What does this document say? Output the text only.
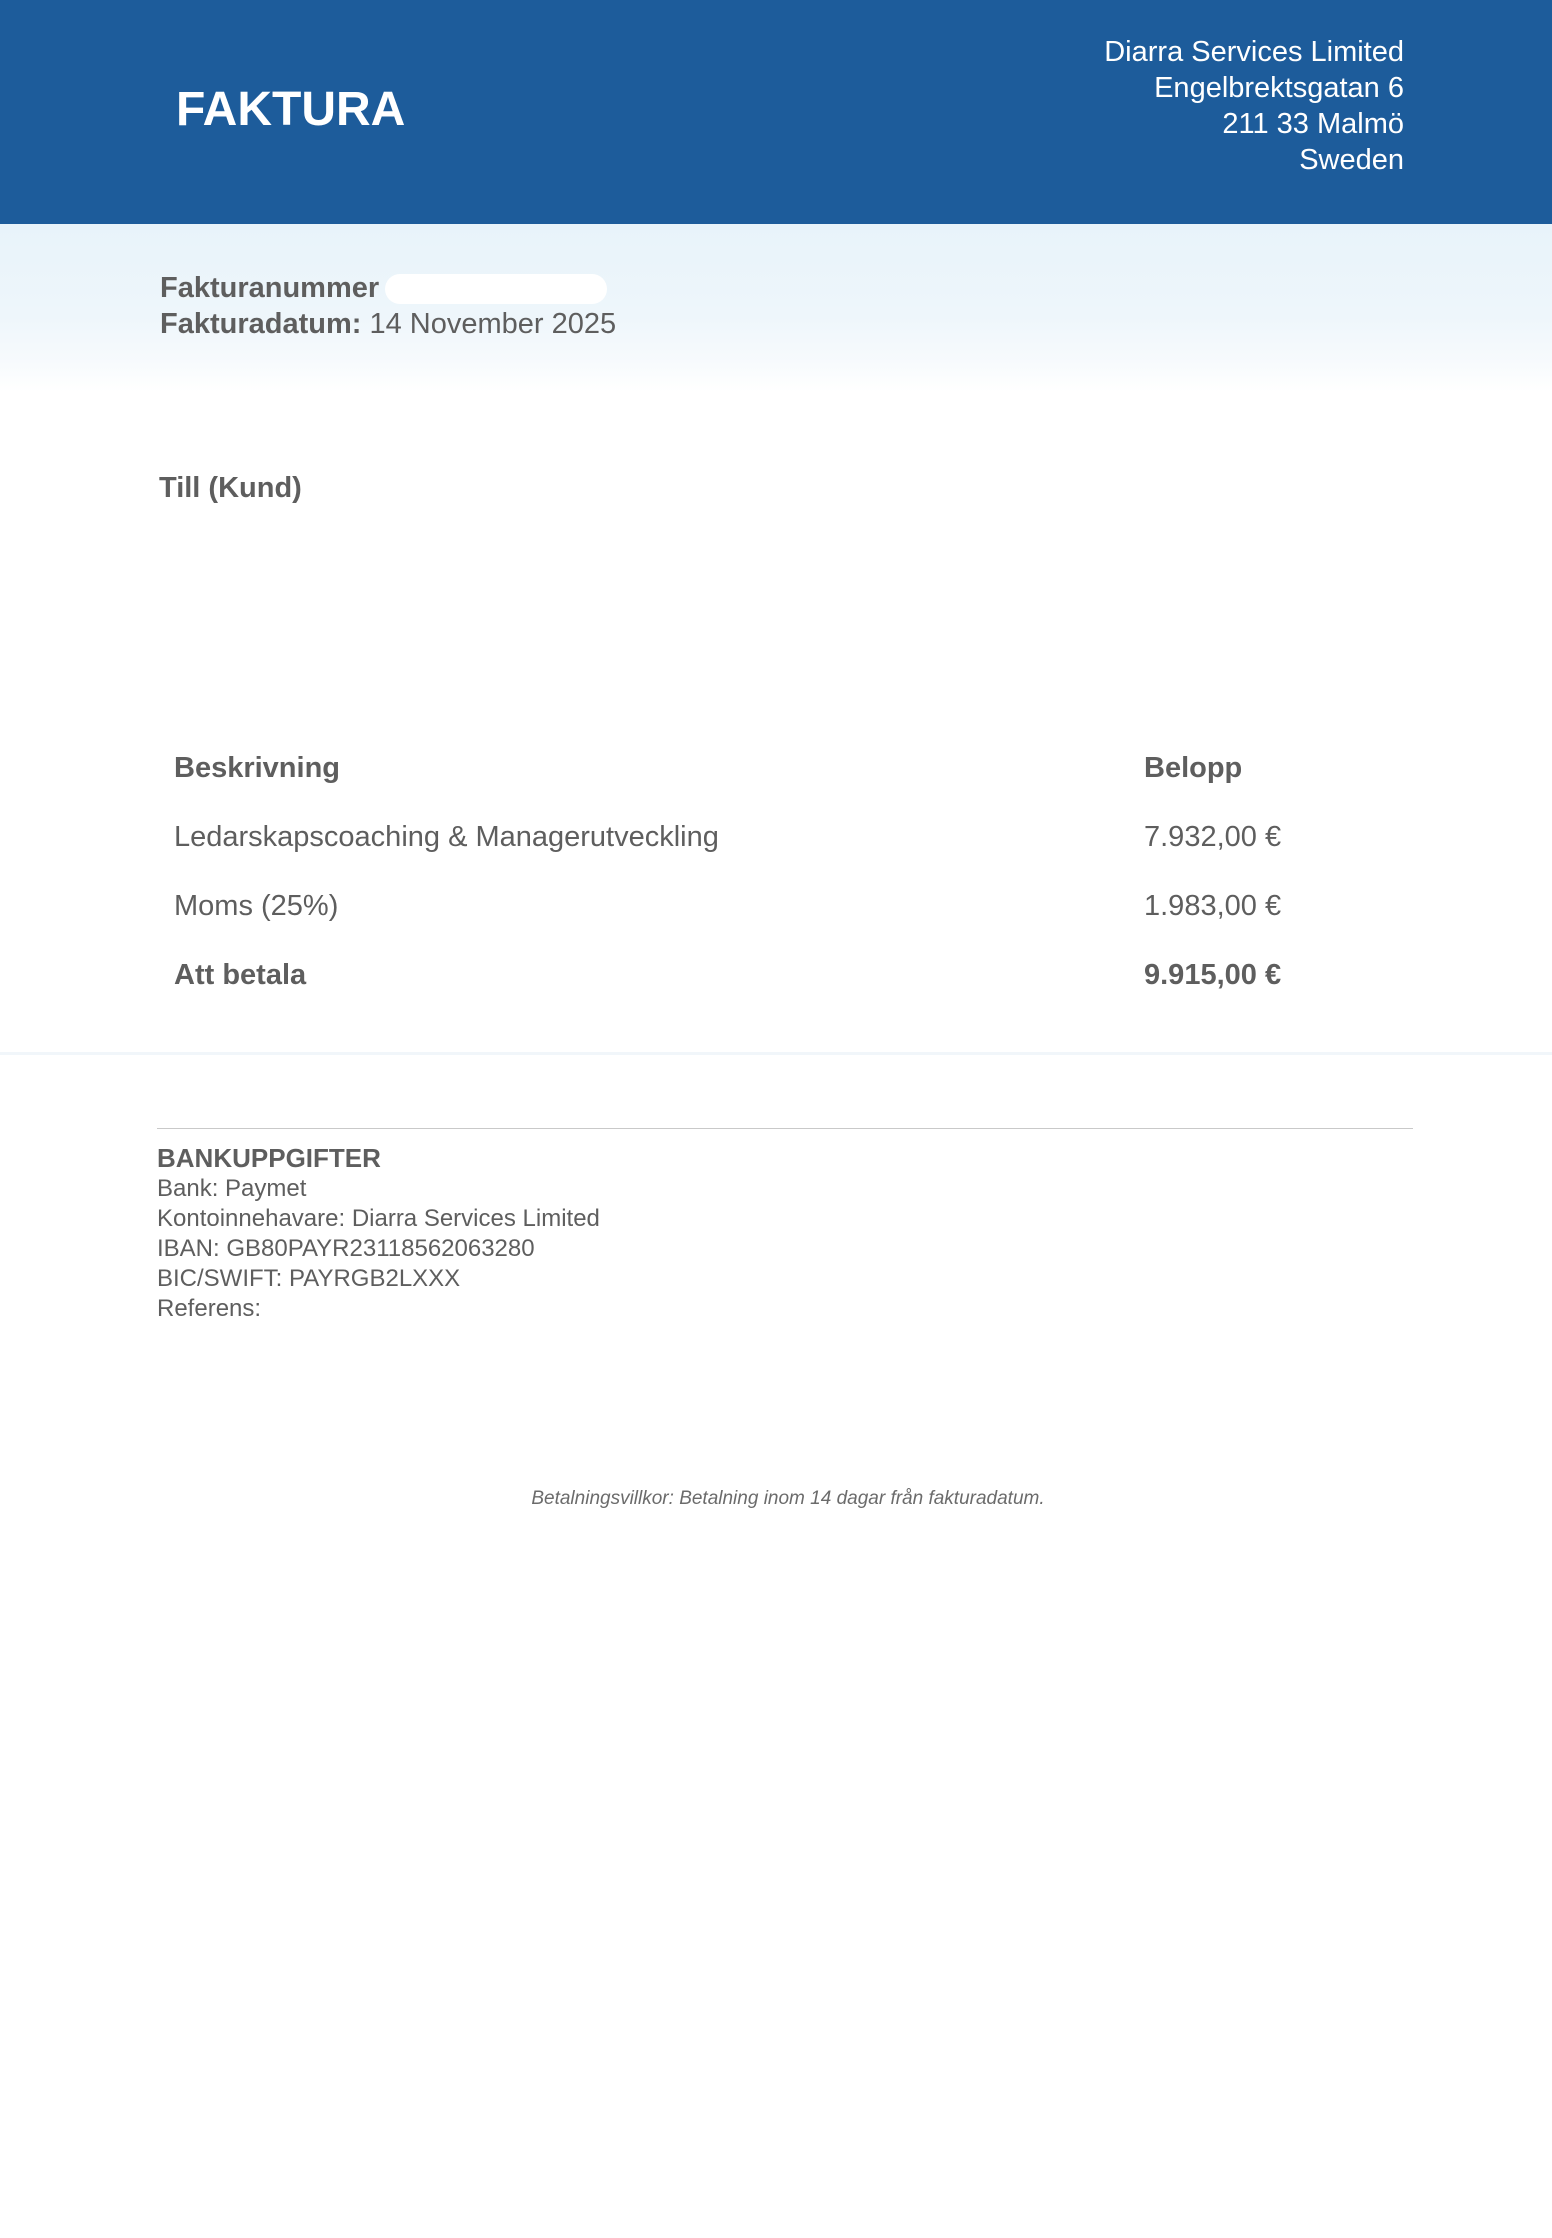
FAKTURA
Diarra Services Limited
Engelbrektsgatan 6
211 33 Malmö
Sweden
Fakturanummer
Fakturadatum: 14 November 2025
Till (Kund)
Beskrivning	Belopp
Ledarskapscoaching & Managerutveckling	7.932,00 €
Moms (25%)	1.983,00 €
Att betala	9.915,00 €
BANKUPPGIFTER
Bank: Paymet
Kontoinnehavare: Diarra Services Limited
IBAN: GB80PAYR23118562063280
BIC/SWIFT: PAYRGB2LXXX
Referens:
Betalningsvillkor: Betalning inom 14 dagar från fakturadatum.
